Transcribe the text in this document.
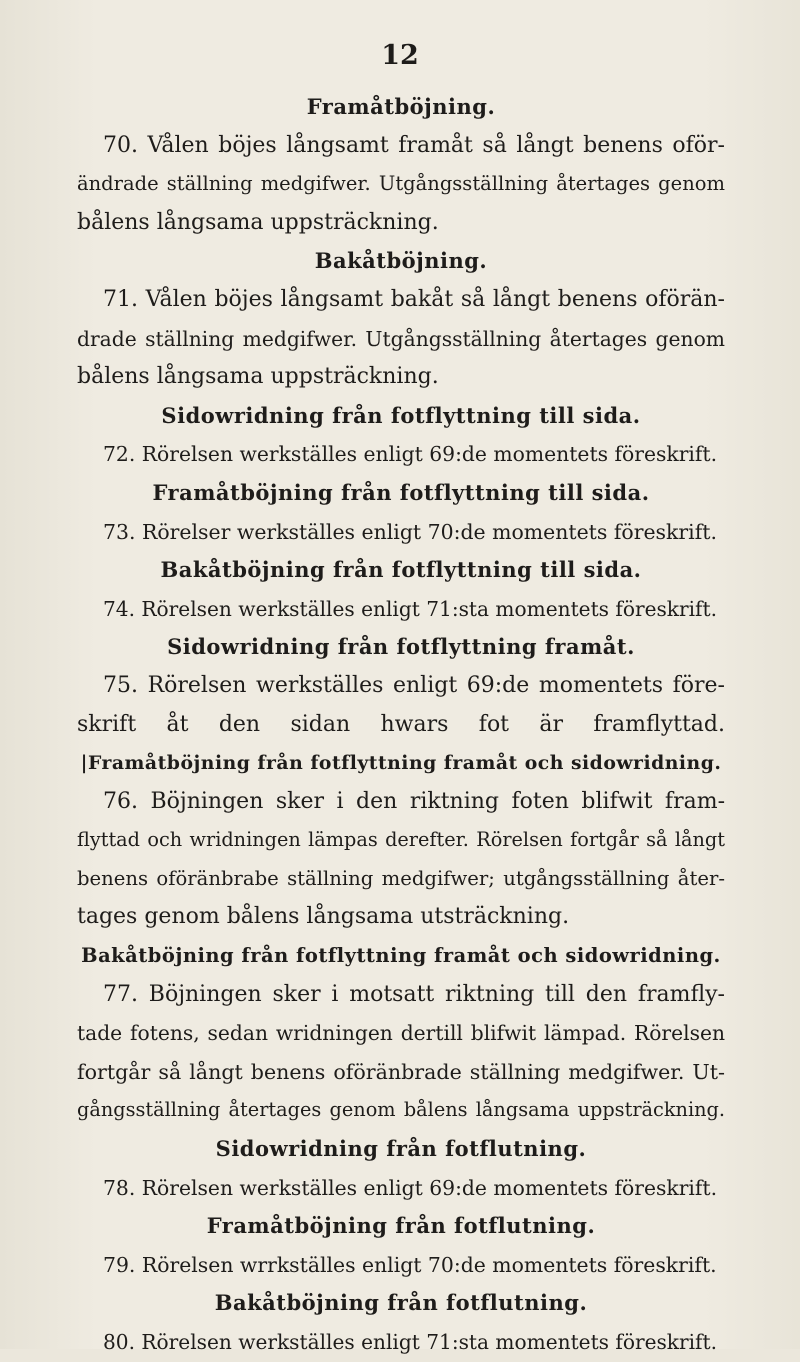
12
Framåtböjning.
70. Vålen böjes långsamt framåt så långt benens oför-
ändrade ställning medgifwer. Utgångsställning återtages genom
bålens långsama uppsträckning.
Bakåtböjning.
71. Vålen böjes långsamt bakåt så långt benens oförän-
drade ställning medgifwer. Utgångsställning återtages genom
bålens långsama uppsträckning.
Sidowridning från fotflyttning till sida.
72. Rörelsen werkställes enligt 69:de momentets föreskrift.
Framåtböjning från fotflyttning till sida.
73. Rörelser werkställes enligt 70:de momentets föreskrift.
Bakåtböjning från fotflyttning till sida.
74. Rörelsen werkställes enligt 71:sta momentets föreskrift.
Sidowridning från fotflyttning framåt.
75. Rörelsen werkställes enligt 69:de momentets före-
skrift åt den sidan hwars fot är framflyttad.
|Framåtböjning från fotflyttning framåt och sidowridning.
76. Böjningen sker i den riktning foten blifwit fram-
flyttad och wridningen lämpas derefter. Rörelsen fortgår så långt
benens oföränbrabe ställning medgifwer; utgångsställning åter-
tages genom bålens långsama utsträckning.
Bakåtböjning från fotflyttning framåt och sidowridning.
77. Böjningen sker i motsatt riktning till den framfly-
tade fotens, sedan wridningen dertill blifwit lämpad. Rörelsen
fortgår så långt benens oföränbrade ställning medgifwer. Ut-
gångsställning återtages genom bålens långsama uppsträckning.
Sidowridning från fotflutning.
78. Rörelsen werkställes enligt 69:de momentets föreskrift.
Framåtböjning från fotflutning.
79. Rörelsen wrrkställes enligt 70:de momentets föreskrift.
Bakåtböjning från fotflutning.
80. Rörelsen werkställes enligt 71:sta momentets föreskrift.
